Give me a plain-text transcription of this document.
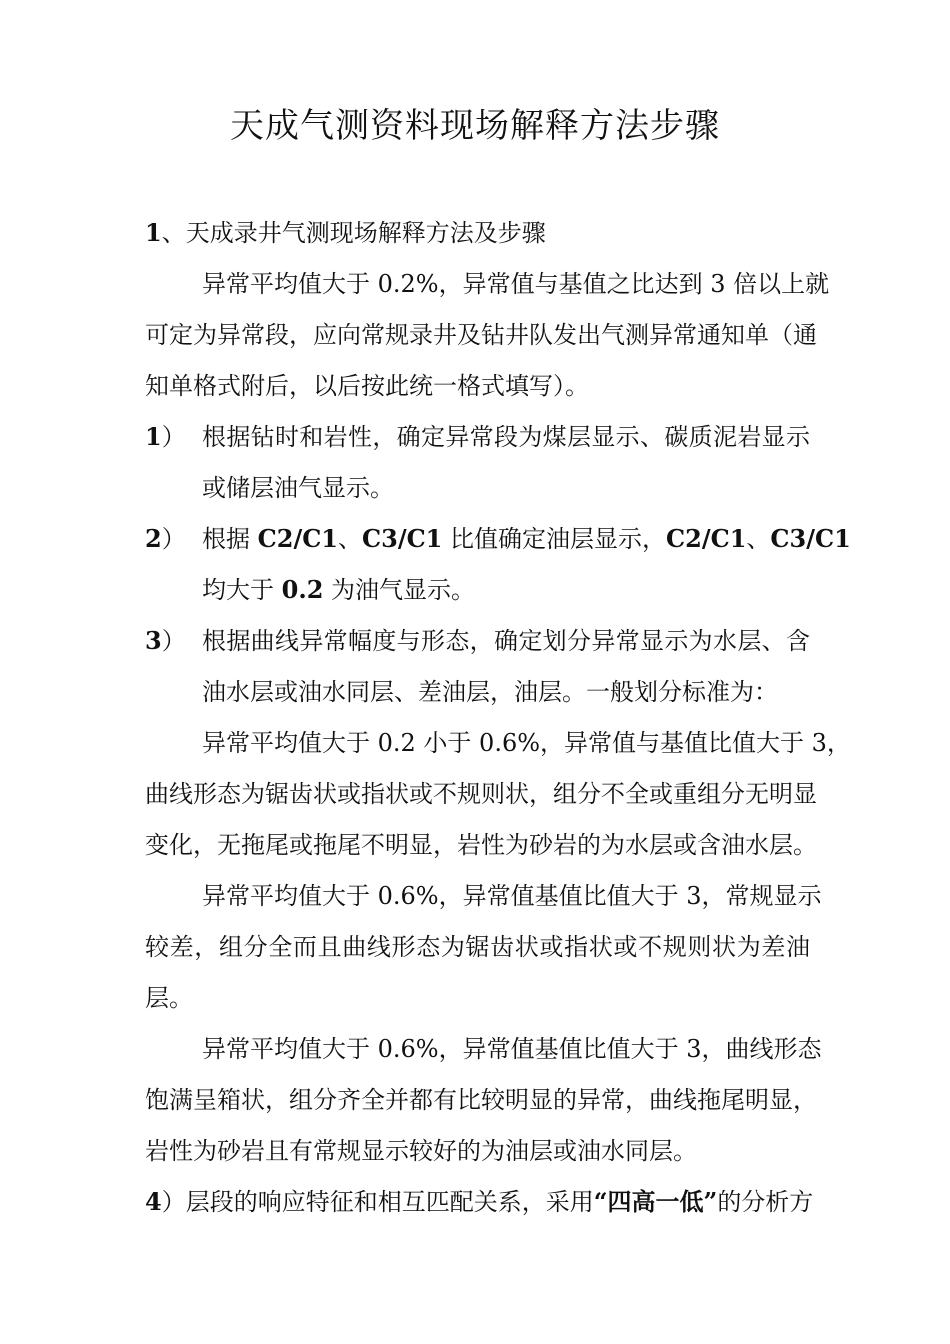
天成气测资料现场解释方法步骤
1、天成录井气测现场解释方法及步骤
异常平均值大于 0.2%，异常值与基值之比达到 3 倍以上就
可定为异常段，应向常规录井及钻井队发出气测异常通知单（通
知单格式附后，以后按此统一格式填写）。
1） 根据钻时和岩性，确定异常段为煤层显示、碳质泥岩显示
或储层油气显示。
2） 根据 C2/C1、C3/C1 比值确定油层显示，C2/C1、C3/C1
均大于 0.2 为油气显示。
3） 根据曲线异常幅度与形态，确定划分异常显示为水层、含
油水层或油水同层、差油层，油层。一般划分标准为：
异常平均值大于 0.2 小于 0.6%，异常值与基值比值大于 3，
曲线形态为锯齿状或指状或不规则状，组分不全或重组分无明显
变化，无拖尾或拖尾不明显，岩性为砂岩的为水层或含油水层。
异常平均值大于 0.6%，异常值基值比值大于 3，常规显示
较差，组分全而且曲线形态为锯齿状或指状或不规则状为差油
层。
异常平均值大于 0.6%，异常值基值比值大于 3，曲线形态
饱满呈箱状，组分齐全并都有比较明显的异常，曲线拖尾明显，
岩性为砂岩且有常规显示较好的为油层或油水同层。
4）层段的响应特征和相互匹配关系，采用“四高一低”的分析方
